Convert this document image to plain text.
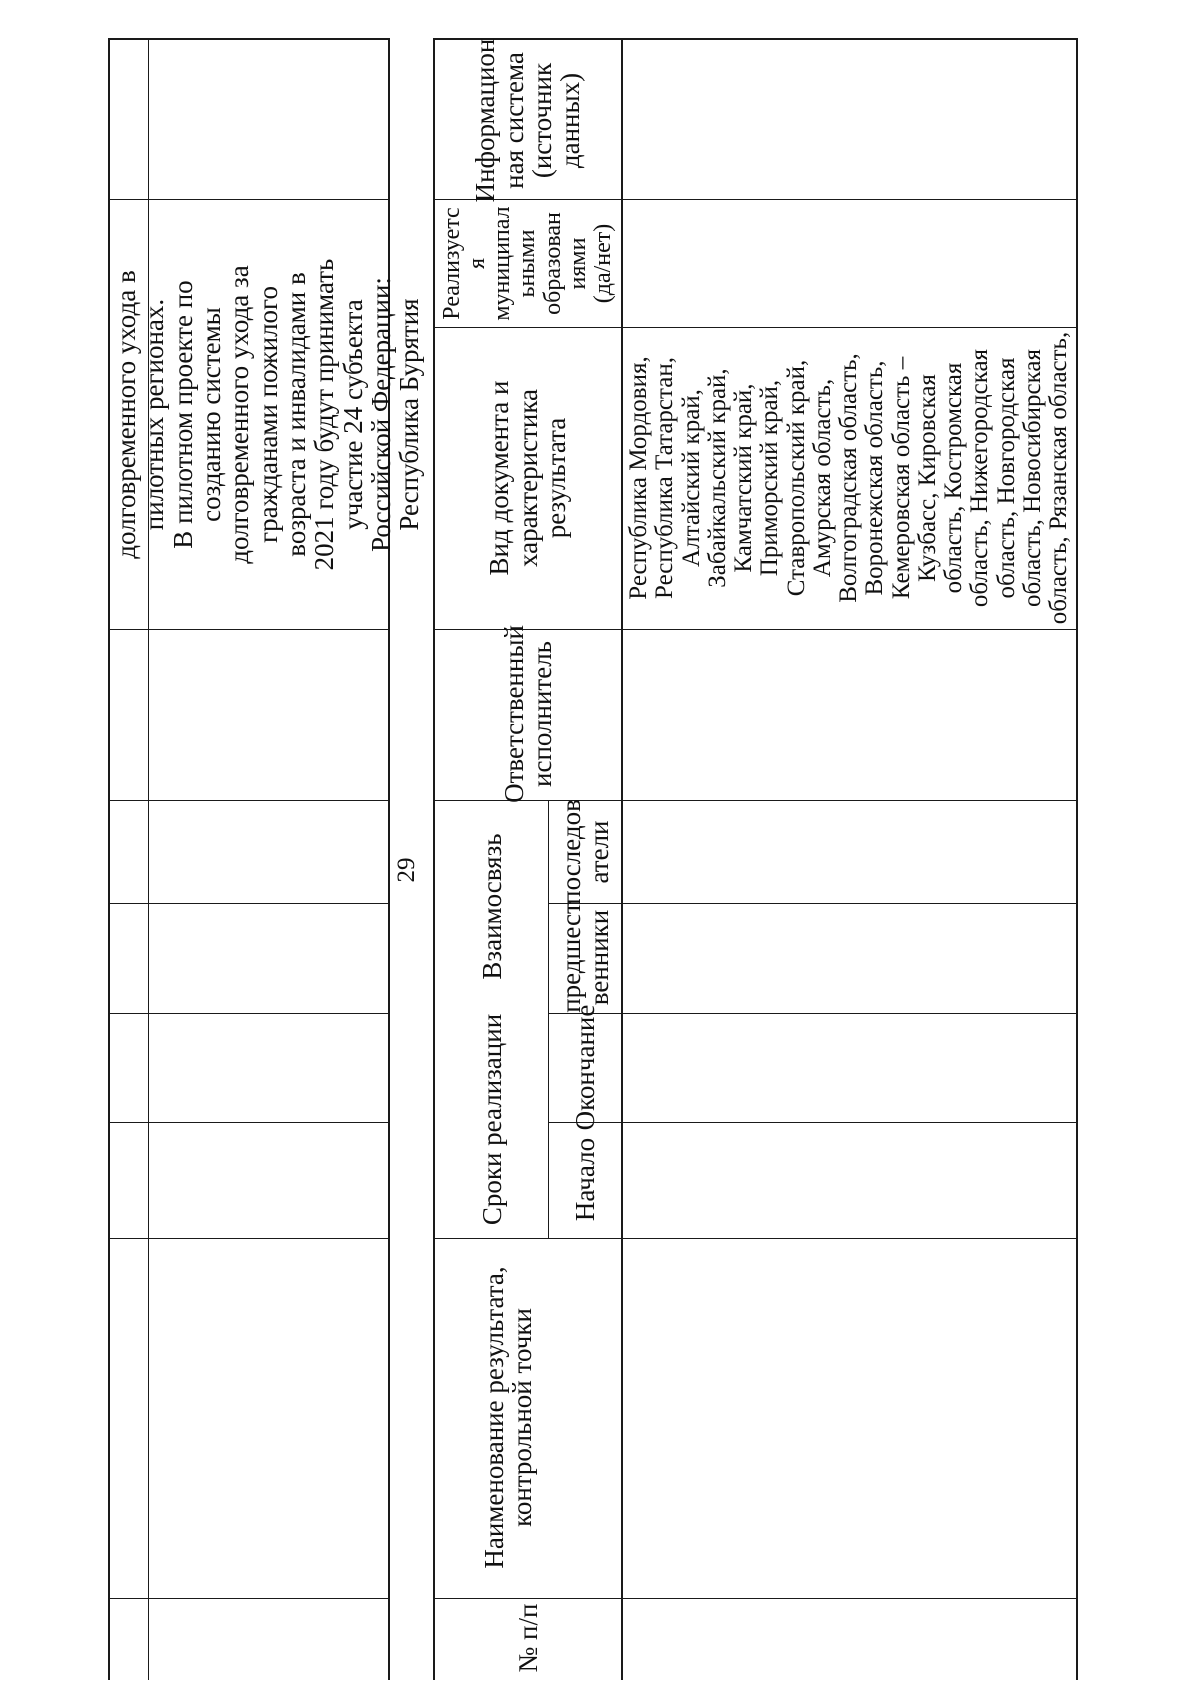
долговременного ухода в
пилотных регионах.
В пилотном проекте по
созданию системы
долговременного ухода за
гражданами пожилого
возраста и инвалидами в
2021 году будут принимать
участие 24 субъекта
Российской Федерации:
Республика Бурятия
29
№ п/п
Наименование результата,
контрольной точки
Сроки реализации Начало
Окончание
Взаимосвязь предшест
венники
последов
атели
Ответственный
исполнитель
Вид документа и
характеристика результата
Реализуетс я муниципал ьными образован иями (да/нет)
Информацион
ная система
(источник
данных)
Республика Мордовия, Республика Татарстан, Алтайский край, Забайкальский край, Камчатский край, Приморский край, Ставропольский край, Амурская область, Волгоградская область, Воронежская область, Кемеровская область – Кузбасс, Кировская область, Костромская область, Нижегородская область, Новгородская область, Новосибирская область, Рязанская область,
